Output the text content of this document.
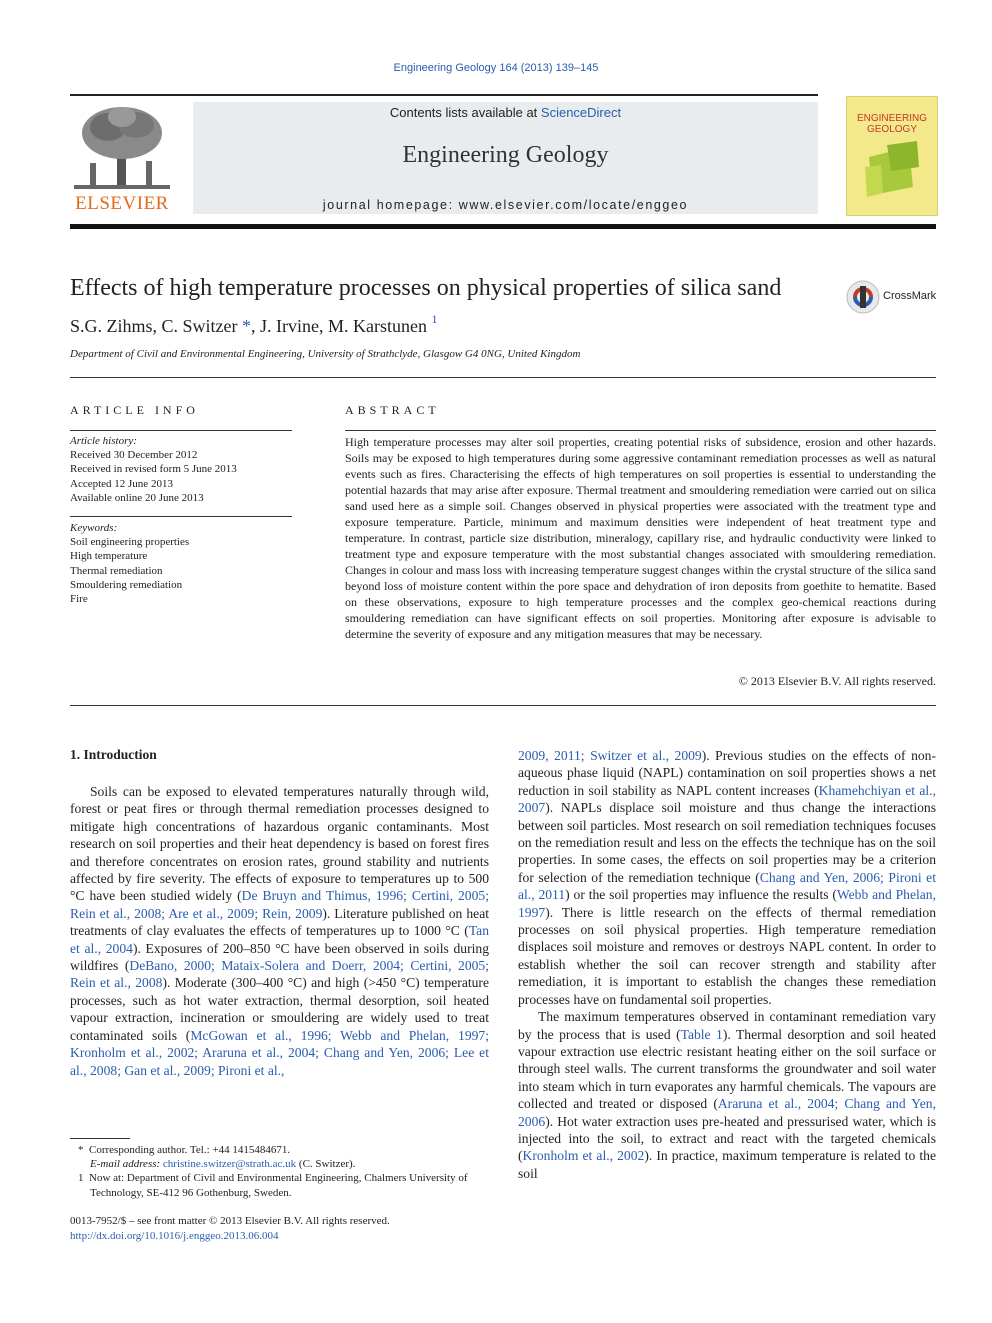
Engineering Geology 164 (2013) 139–145
ELSEVIER
Contents lists available at ScienceDirect
Engineering Geology
journal homepage: www.elsevier.com/locate/enggeo
ENGINEERING
GEOLOGY
Effects of high temperature processes on physical properties of silica sand	CrossMark
S.G. Zihms, C. Switzer *, J. Irvine, M. Karstunen $^1$
Department of Civil and Environmental Engineering, University of Strathclyde, Glasgow G4 0NG, United Kingdom
ARTICLE INFO	ABSTRACT
Article history:
Received 30 December 2012
Received in revised form 5 June 2013
Accepted 12 June 2013
Available online 20 June 2013
Keywords:
Soil engineering properties
High temperature
Thermal remediation
Smouldering remediation
Fire
High temperature processes may alter soil properties, creating potential risks of subsidence, erosion and other hazards. Soils may be exposed to high temperatures during some aggressive contaminant remediation processes as well as natural events such as fires. Characterising the effects of high temperatures on soil properties is essential to understanding the potential hazards that may arise after exposure. Thermal treatment and smouldering remediation were carried out on silica sand used here as a simple soil. Changes observed in physical properties were associated with the treatment type and exposure temperature. Particle, minimum and maximum densities were independent of heat treatment type and temperature. In contrast, particle size distribution, mineralogy, capillary rise, and hydraulic conductivity were linked to treatment type and exposure temperature with the most substantial changes associated with smouldering remediation. Changes in colour and mass loss with increasing temperature suggest changes within the crystal structure of the silica sand beyond loss of moisture content within the pore space and dehydration of iron deposits from goethite to hematite. Based on these observations, exposure to high temperature processes and the complex geo-chemical reactions during smouldering remediation can have significant effects on soil properties. Monitoring after exposure is advisable to determine the severity of exposure and any mitigation measures that may be necessary.
© 2013 Elsevier B.V. All rights reserved.
1. Introduction

Soils can be exposed to elevated temperatures naturally through wild, forest or peat fires or through thermal remediation processes designed to mitigate high concentrations of hazardous organic contaminants. Most research on soil properties and their heat dependency is based on forest fires and therefore concentrates on erosion rates, ground stability and nutrients affected by fire severity. The effects of exposure to temperatures up to 500 °C have been studied widely (De Bruyn and Thimus, 1996; Certini, 2005; Rein et al., 2008; Are et al., 2009; Rein, 2009). Literature published on heat treatments of clay evaluates the effects of temperatures up to 1000 °C (Tan et al., 2004). Exposures of 200–850 °C have been observed in soils during wildfires (DeBano, 2000; Mataix-Solera and Doerr, 2004; Certini, 2005; Rein et al., 2008). Moderate (300–400 °C) and high (>450 °C) temperature processes, such as hot water extraction, thermal desorption, soil heated vapour extraction, incineration or smouldering are widely used to treat contaminated soils (McGowan et al., 1996; Webb and Phelan, 1997; Kronholm et al., 2002; Araruna et al., 2004; Chang and Yen, 2006; Lee et al., 2008; Gan et al., 2009; Pironi et al.,

2009, 2011; Switzer et al., 2009). Previous studies on the effects of non-aqueous phase liquid (NAPL) contamination on soil properties shows a net reduction in soil stability as NAPL content increases (Khamehchiyan et al., 2007). NAPLs displace soil moisture and thus change the interactions between soil particles. Most research on soil remediation techniques focuses on the remediation result and less on the effects the technique has on the soil properties. In some cases, the effects on soil properties may be a criterion for selection of the remediation technique (Chang and Yen, 2006; Pironi et al., 2011) or the soil properties may influence the results (Webb and Phelan, 1997). There is little research on the effects of thermal remediation processes on soil physical properties. High temperature remediation displaces soil moisture and removes or destroys NAPL content. In order to establish whether the soil can recover strength and stability after remediation, it is important to establish the changes these remediation processes have on fundamental soil properties.

The maximum temperatures observed in contaminant remediation vary by the process that is used (Table 1). Thermal desorption and soil heated vapour extraction use electric resistant heating either on the soil surface or through steel walls. The current transforms the groundwater and soil water into steam which in turn evaporates any harmful chemicals. The vapours are collected and treated or disposed (Araruna et al., 2004; Chang and Yen, 2006). Hot water extraction uses pre-heated and pressurised water, which is injected into the soil, to extract and react with the targeted chemicals (Kronholm et al., 2002). In practice, maximum temperature is related to the soil

* Corresponding author. Tel.: +44 1415484671.
E-mail address: christine.switzer@strath.ac.uk (C. Switzer).
1 Now at: Department of Civil and Environmental Engineering, Chalmers University of Technology, SE-412 96 Gothenburg, Sweden.
0013-7952/$ – see front matter © 2013 Elsevier B.V. All rights reserved.
http://dx.doi.org/10.1016/j.enggeo.2013.06.004
